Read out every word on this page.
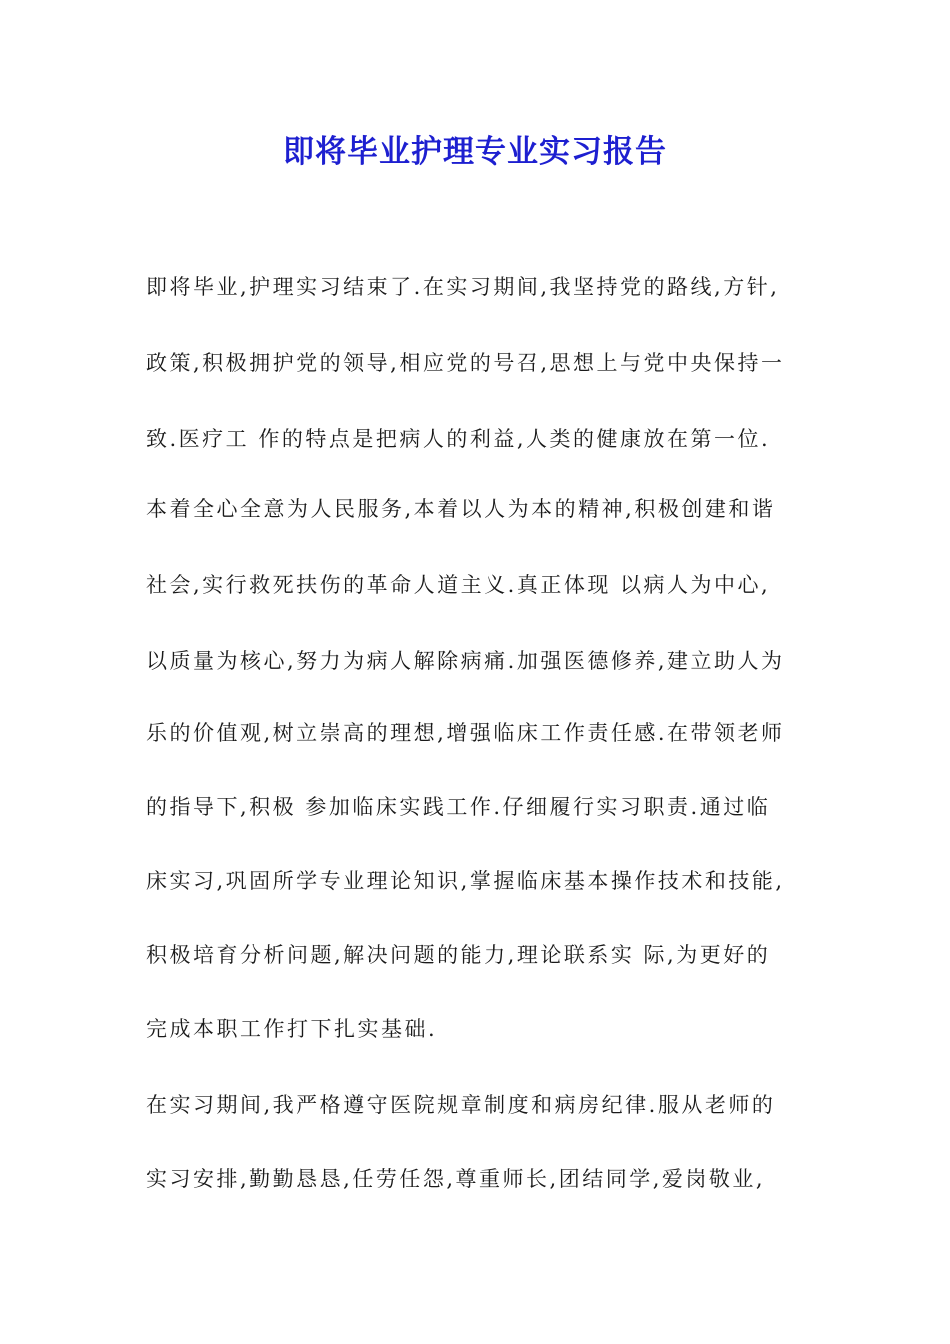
即将毕业护理专业实习报告
即将毕业,护理实习结束了.在实习期间,我坚持党的路线,方针,
政策,积极拥护党的领导,相应党的号召,思想上与党中央保持一
致.医疗工 作的特点是把病人的利益,人类的健康放在第一位.
本着全心全意为人民服务,本着以人为本的精神,积极创建和谐
社会,实行救死扶伤的革命人道主义.真正体现 以病人为中心,
以质量为核心,努力为病人解除病痛.加强医德修养,建立助人为
乐的价值观,树立崇高的理想,增强临床工作责任感.在带领老师
的指导下,积极 参加临床实践工作.仔细履行实习职责.通过临
床实习,巩固所学专业理论知识,掌握临床基本操作技术和技能,
积极培育分析问题,解决问题的能力,理论联系实 际,为更好的
完成本职工作打下扎实基础.
在实习期间,我严格遵守医院规章制度和病房纪律.服从老师的
实习安排,勤勤恳恳,任劳任怨,尊重师长,团结同学,爱岗敬业,
